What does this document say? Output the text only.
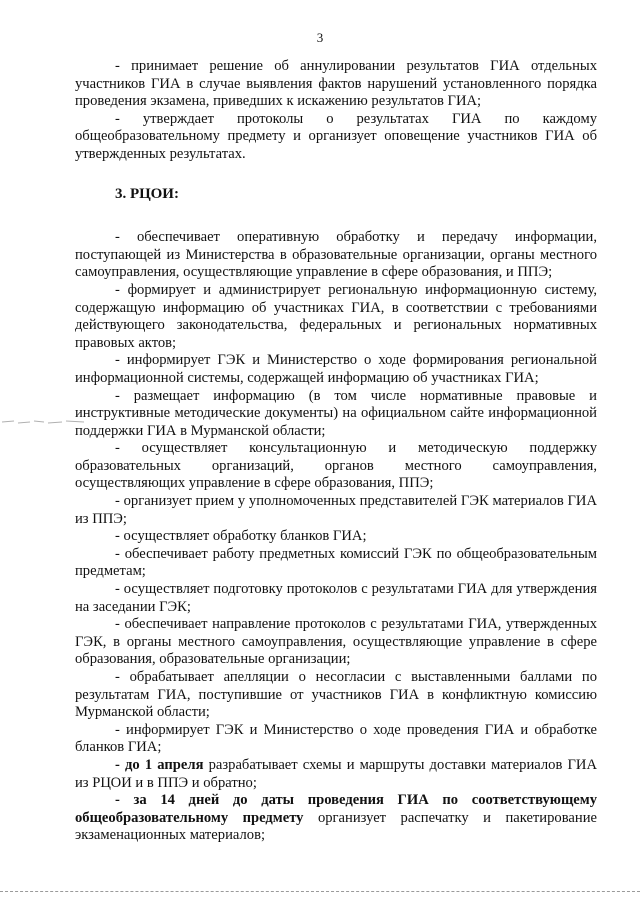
3

- принимает решение об аннулировании результатов ГИА отдельных участников ГИА в случае выявления фактов нарушений установленного порядка проведения экзамена, приведших к искажению результатов ГИА;

- утверждает протоколы о результатах ГИА по каждому общеобразовательному предмету и организует оповещение участников ГИА об утвержденных результатах.

3. РЦОИ:

- обеспечивает оперативную обработку и передачу информации, поступающей из Министерства в образовательные организации, органы местного самоуправления, осуществляющие управление в сфере образования, и ППЭ;

- формирует и администрирует региональную информационную систему, содержащую информацию об участниках ГИА, в соответствии с требованиями действующего законодательства, федеральных и региональных нормативных правовых актов;

- информирует ГЭК и Министерство о ходе формирования региональной информационной системы, содержащей информацию об участниках ГИА;

- размещает информацию (в том числе нормативные правовые и инструктивные методические документы) на официальном сайте информационной поддержки ГИА в Мурманской области;

- осуществляет консультационную и методическую поддержку образовательных организаций, органов местного самоуправления, осуществляющих управление в сфере образования, ППЭ;

- организует прием у уполномоченных представителей ГЭК материалов ГИА из ППЭ;

- осуществляет обработку бланков ГИА;

- обеспечивает работу предметных комиссий ГЭК по общеобразовательным предметам;

- осуществляет подготовку протоколов с результатами ГИА для утверждения на заседании ГЭК;

- обеспечивает направление протоколов с результатами ГИА, утвержденных ГЭК, в органы местного самоуправления, осуществляющие управление в сфере образования, образовательные организации;

- обрабатывает апелляции о несогласии с выставленными баллами по результатам ГИА, поступившие от участников ГИА в конфликтную комиссию Мурманской области;

- информирует ГЭК и Министерство о ходе проведения ГИА и обработке бланков ГИА;

- до 1 апреля разрабатывает схемы и маршруты доставки материалов ГИА из РЦОИ и в ППЭ и обратно;

- за 14 дней до даты проведения ГИА по соответствующему общеобразовательному предмету организует распечатку и пакетирование экзаменационных материалов;
